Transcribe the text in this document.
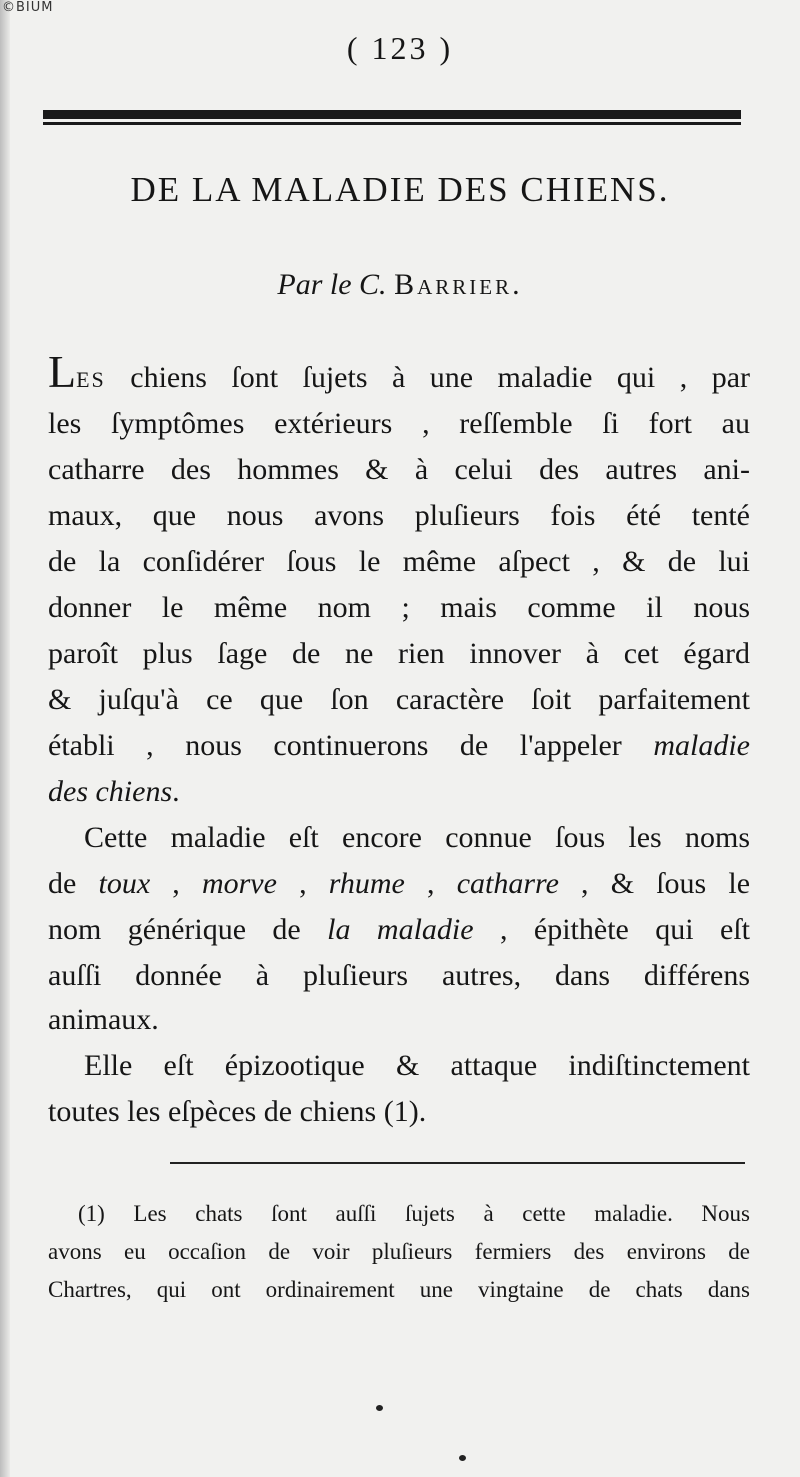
©BIUM
( 123 )
DE LA MALADIE DES CHIENS.
Par le C. Barrier.
LES chiens ſont ſujets à une maladie qui , par
les ſymptômes extérieurs , reſſemble ſi fort au
catharre des hommes & à celui des autres ani-
maux, que nous avons pluſieurs fois été tenté
de la conſidérer ſous le même aſpect , & de lui
donner le même nom ; mais comme il nous
paroît plus ſage de ne rien innover à cet égard
& juſqu'à ce que ſon caractère ſoit parfaitement
établi , nous continuerons de l'appeler maladie
des chiens.
Cette maladie eſt encore connue ſous les noms
de toux , morve , rhume , catharre , & ſous le
nom générique de la maladie , épithète qui eſt
auſſi donnée à pluſieurs autres, dans différens
animaux.
Elle eſt épizootique & attaque indiſtinctement
toutes les eſpèces de chiens (1).
(1) Les chats ſont auſſi ſujets à cette maladie. Nous
avons eu occaſion de voir pluſieurs fermiers des environs de
Chartres, qui ont ordinairement une vingtaine de chats dans
